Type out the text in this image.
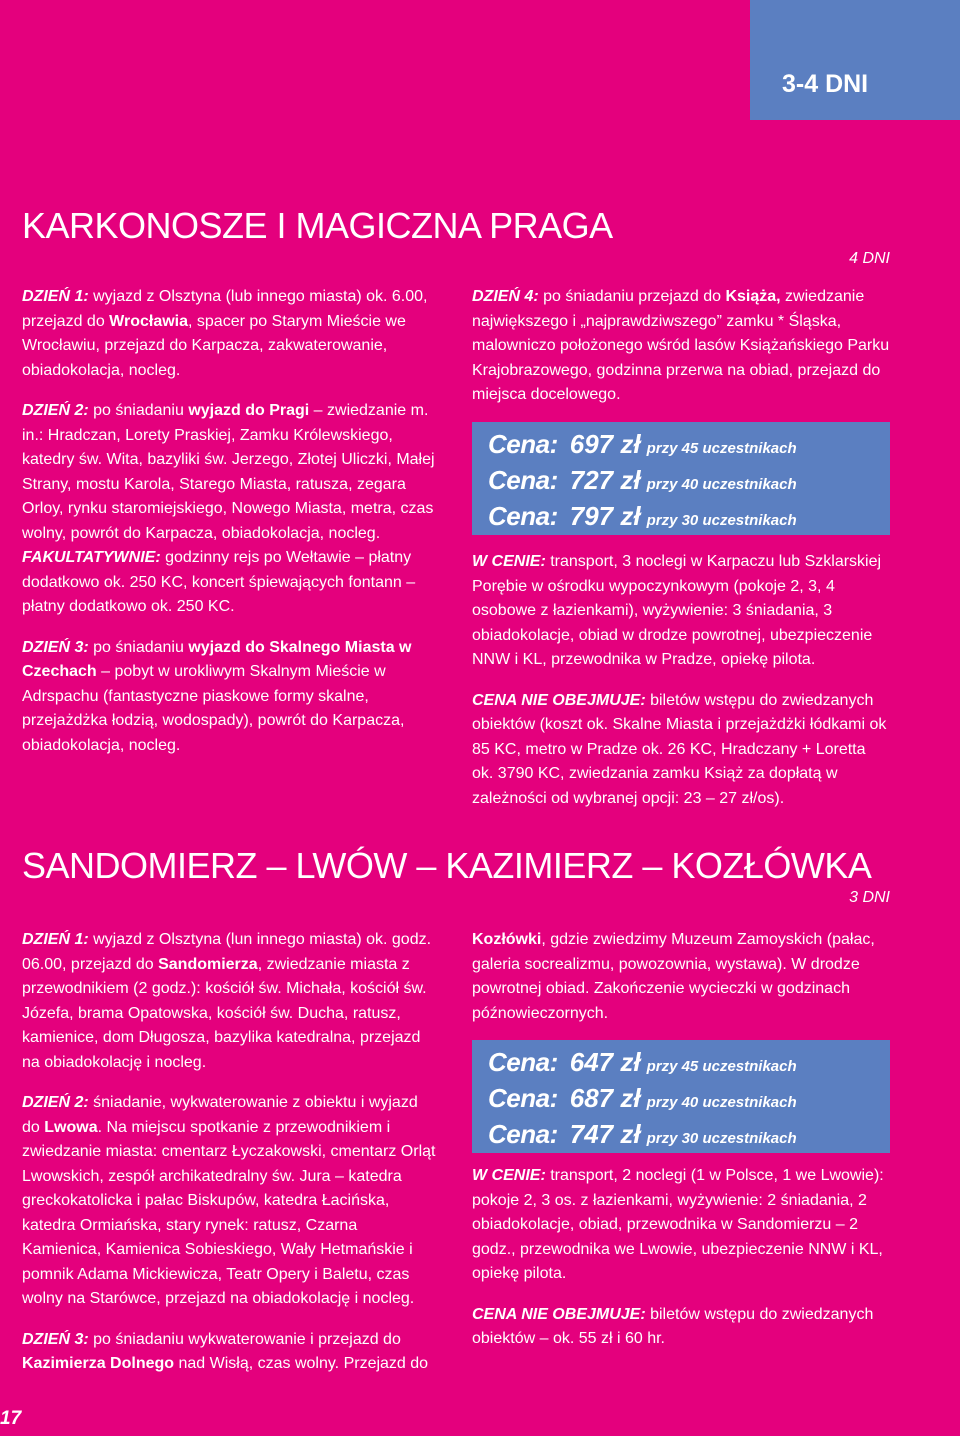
3-4 DNI
KARKONOSZE I MAGICZNA PRAGA
4 DNI

DZIEŃ 1: wyjazd z Olsztyna (lub innego miasta) ok. 6.00, przejazd do Wrocławia, spacer po Starym Mieście we Wrocławiu, przejazd do Karpacza, zakwaterowanie, obiadokolacja, nocleg.

DZIEŃ 2: po śniadaniu wyjazd do Pragi – zwiedzanie m. in.: Hradczan, Lorety Praskiej, Zamku Królewskiego, katedry św. Wita, bazyliki św. Jerzego, Złotej Uliczki, Małej Strany, mostu Karola, Starego Miasta, ratusza, zegara Orloy, rynku staromiejskiego, Nowego Miasta, metra, czas wolny, powrót do Karpacza, obiadokolacja, nocleg.

FAKULTATYWNIE: godzinny rejs po Wełtawie – płatny dodatkowo ok. 250 KC, koncert śpiewających fontann – płatny dodatkowo ok. 250 KC.

DZIEŃ 3: po śniadaniu wyjazd do Skalnego Miasta w Czechach – pobyt w urokliwym Skalnym Mieście w Adrspachu (fantastyczne piaskowe formy skalne, przejażdżka łodzią, wodospady), powrót do Karpacza, obiadokolacja, nocleg.

DZIEŃ 4: po śniadaniu przejazd do Książa, zwiedzanie największego i „najprawdziwszego” zamku * Śląska, malowniczo położonego wśród lasów Książańskiego Parku Krajobrazowego, godzinna przerwa na obiad, przejazd do miejsca docelowego.

Cena: 697 zł przy 45 uczestnikach
Cena: 727 zł przy 40 uczestnikach
Cena: 797 zł przy 30 uczestnikach

W CENIE: transport, 3 noclegi w Karpaczu lub Szklarskiej Porębie w ośrodku wypoczynkowym (pokoje 2, 3, 4 osobowe z łazienkami), wyżywienie: 3 śniadania, 3 obiadokolacje, obiad w drodze powrotnej, ubezpieczenie NNW i KL, przewodnika w Pradze, opiekę pilota.

CENA NIE OBEJMUJE: biletów wstępu do zwiedzanych obiektów (koszt ok. Skalne Miasta i przejażdżki łódkami ok 85 KC, metro w Pradze ok. 26 KC, Hradczany + Loretta ok. 3790 KC, zwiedzania zamku Książ za dopłatą w zależności od wybranej opcji: 23 – 27 zł/os).

SANDOMIERZ – LWÓW – KAZIMIERZ – KOZŁÓWKA
3 DNI

DZIEŃ 1: wyjazd z Olsztyna (lun innego miasta) ok. godz. 06.00, przejazd do Sandomierza, zwiedzanie miasta z przewodnikiem (2 godz.): kościół św. Michała, kościół św. Józefa, brama Opatowska, kościół św. Ducha, ratusz, kamienice, dom Długosza, bazylika katedralna, przejazd na obiadokolację i nocleg.

DZIEŃ 2: śniadanie, wykwaterowanie z obiektu i wyjazd do Lwowa. Na miejscu spotkanie z przewodnikiem i zwiedzanie miasta: cmentarz Łyczakowski, cmentarz Orląt Lwowskich, zespół archikatedralny św. Jura – katedra greckokatolicka i pałac Biskupów, katedra Łacińska, katedra Ormiańska, stary rynek: ratusz, Czarna Kamienica, Kamienica Sobieskiego, Wały Hetmańskie i pomnik Adama Mickiewicza, Teatr Opery i Baletu, czas wolny na Starówce, przejazd na obiadokolację i nocleg.

DZIEŃ 3: po śniadaniu wykwaterowanie i przejazd do Kazimierza Dolnego nad Wisłą, czas wolny. Przejazd do

Kozłówki, gdzie zwiedzimy Muzeum Zamoyskich (pałac, galeria socrealizmu, powozownia, wystawa). W drodze powrotnej obiad. Zakończenie wycieczki w godzinach późnowieczornych.

Cena: 647 zł przy 45 uczestnikach
Cena: 687 zł przy 40 uczestnikach
Cena: 747 zł przy 30 uczestnikach

W CENIE: transport, 2 noclegi (1 w Polsce, 1 we Lwowie): pokoje 2, 3 os. z łazienkami, wyżywienie: 2 śniadania, 2 obiadokolacje, obiad, przewodnika w Sandomierzu – 2 godz., przewodnika we Lwowie, ubezpieczenie NNW i KL, opiekę pilota.

CENA NIE OBEJMUJE: biletów wstępu do zwiedzanych obiektów – ok. 55 zł i 60 hr.

17
